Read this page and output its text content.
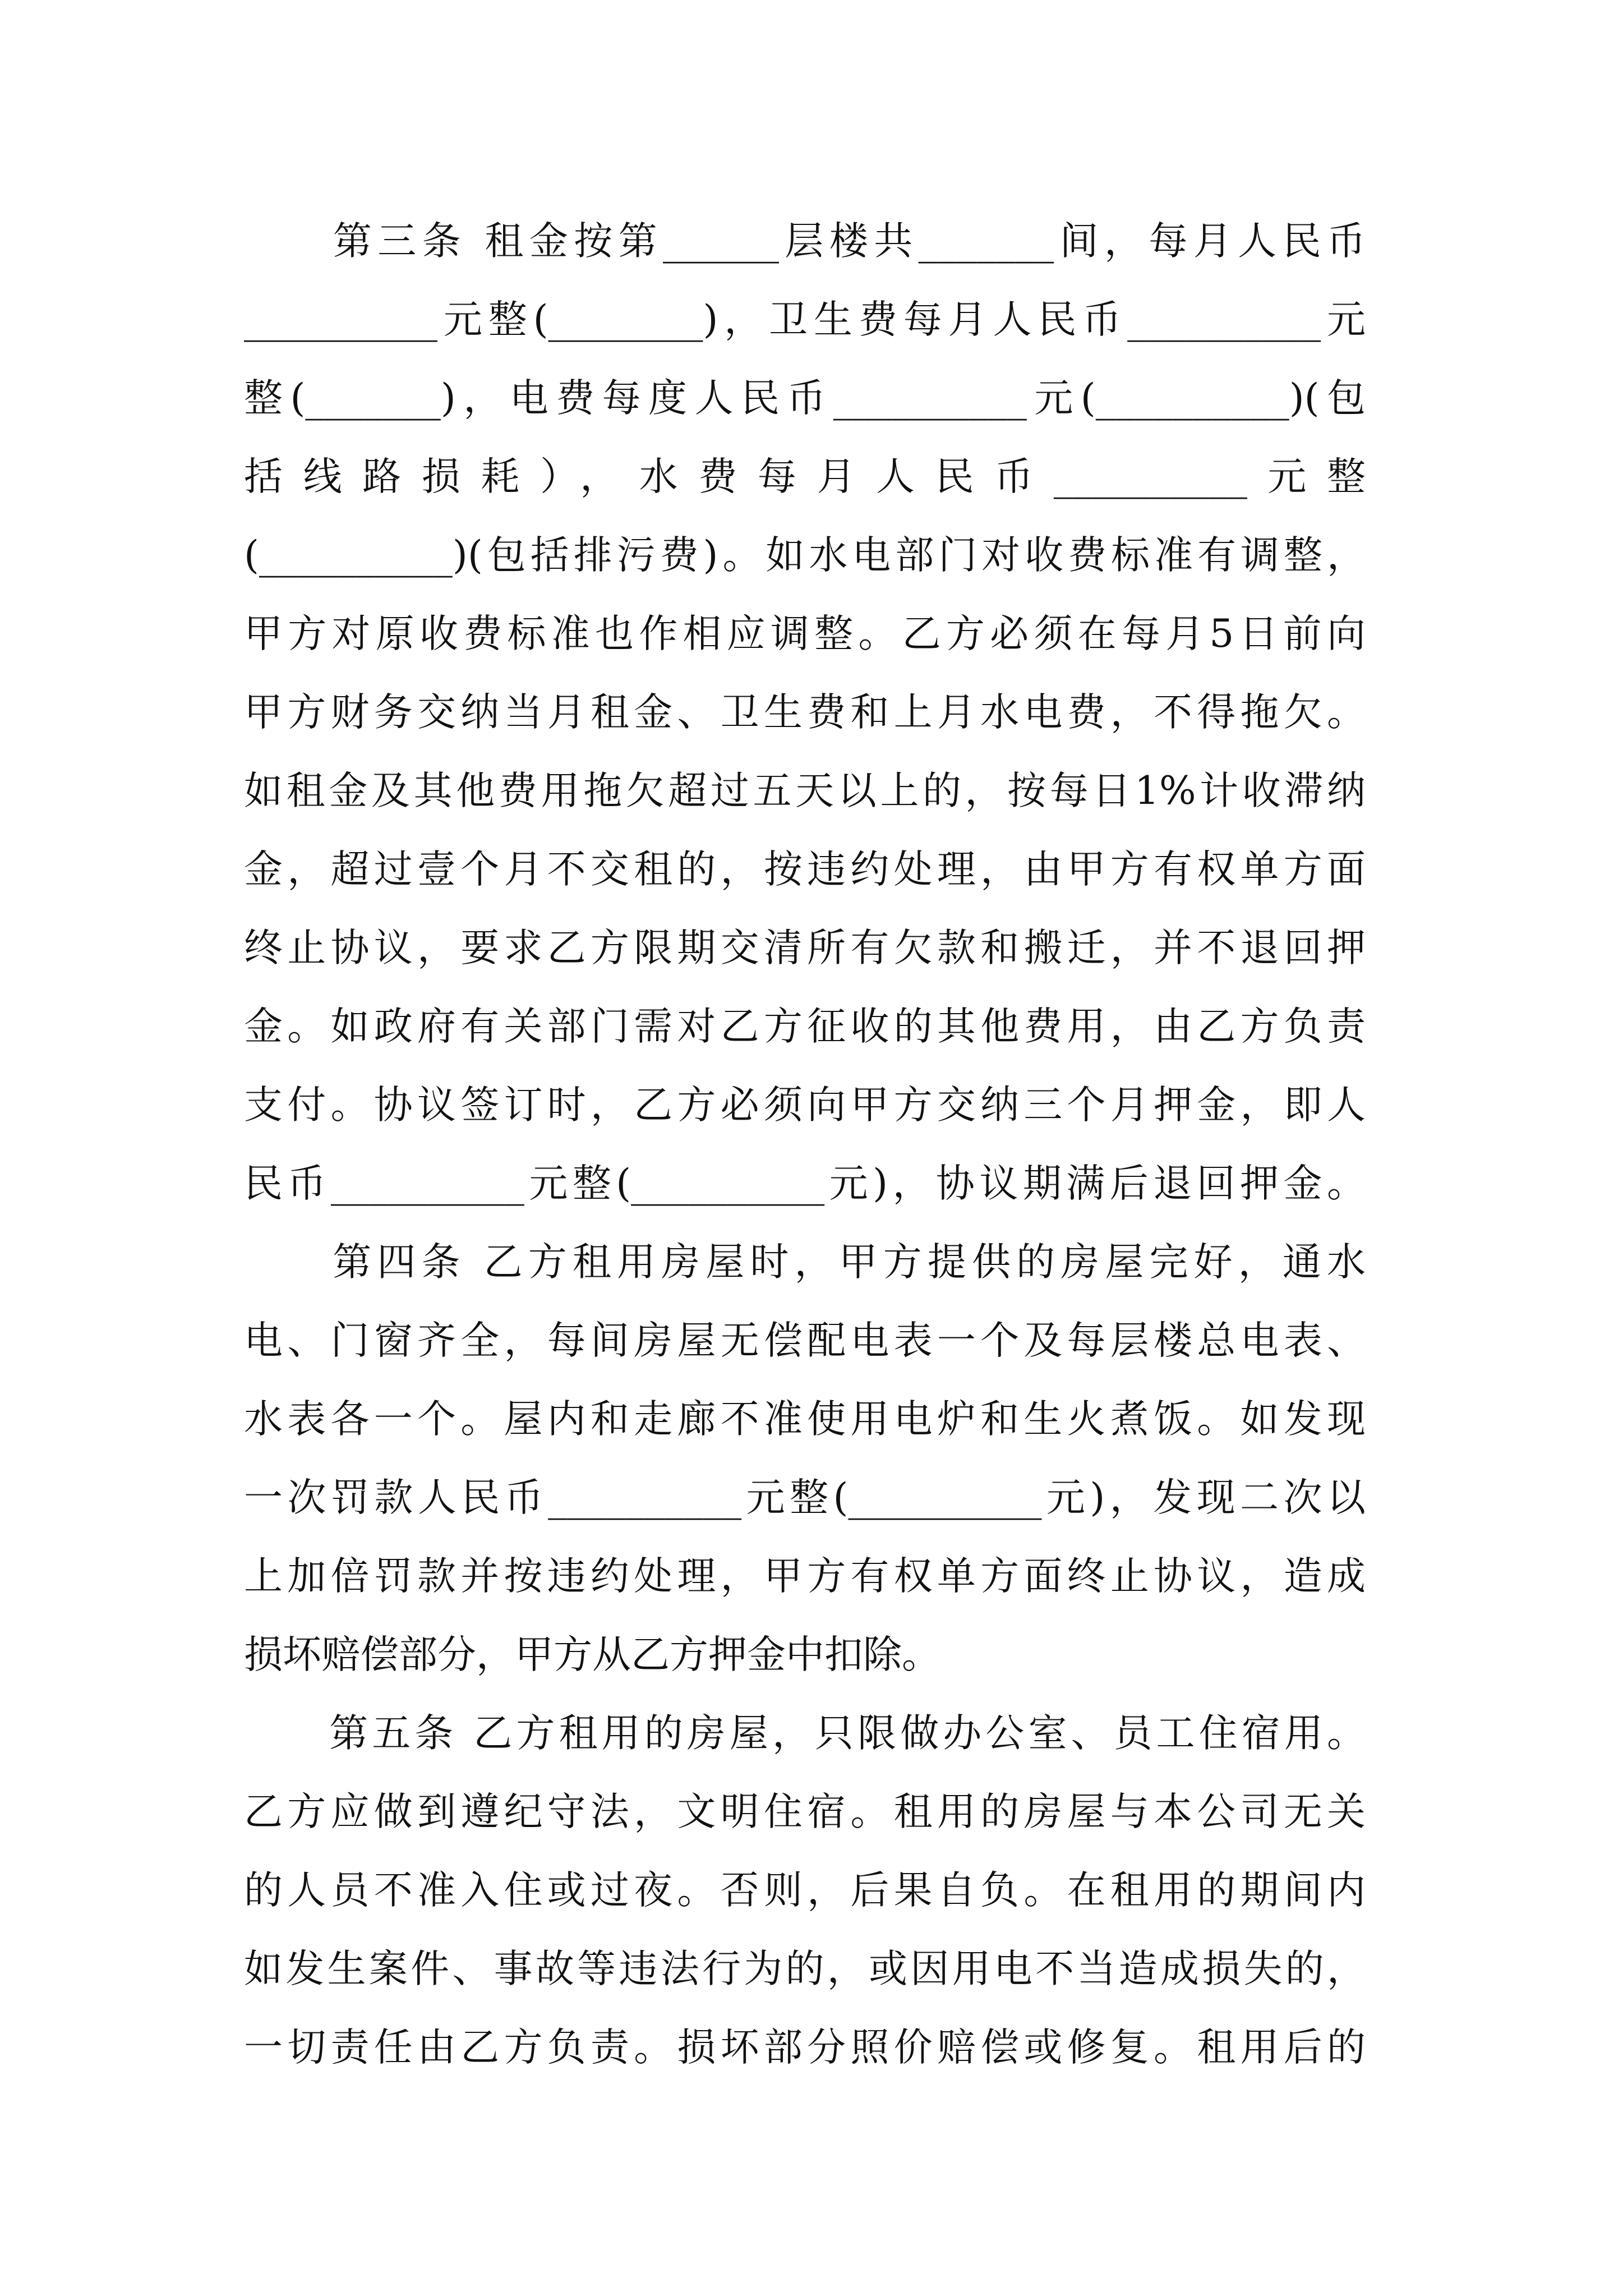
　　第三条 租金按第______层楼共_______间，每月人民币
__________元整(________)，卫生费每月人民币__________元
整(_______)，电费每度人民币__________元(__________)(包
括线路损耗），水费每月人民币__________元整
(__________)(包括排污费)。如水电部门对收费标准有调整，
甲方对原收费标准也作相应调整。乙方必须在每月5日前向
甲方财务交纳当月租金、卫生费和上月水电费，不得拖欠。
如租金及其他费用拖欠超过五天以上的，按每日1%计收滞纳
金，超过壹个月不交租的，按违约处理，由甲方有权单方面
终止协议，要求乙方限期交清所有欠款和搬迁，并不退回押
金。如政府有关部门需对乙方征收的其他费用，由乙方负责
支付。协议签订时，乙方必须向甲方交纳三个月押金，即人
民币__________元整(__________元)，协议期满后退回押金。
　　第四条 乙方租用房屋时，甲方提供的房屋完好，通水
电、门窗齐全，每间房屋无偿配电表一个及每层楼总电表、
水表各一个。屋内和走廊不准使用电炉和生火煮饭。如发现
一次罚款人民币__________元整(__________元)，发现二次以
上加倍罚款并按违约处理，甲方有权单方面终止协议，造成
损坏赔偿部分，甲方从乙方押金中扣除。
　　第五条 乙方租用的房屋，只限做办公室、员工住宿用。
乙方应做到遵纪守法，文明住宿。租用的房屋与本公司无关
的人员不准入住或过夜。否则，后果自负。在租用的期间内
如发生案件、事故等违法行为的，或因用电不当造成损失的，
一切责任由乙方负责。损坏部分照价赔偿或修复。租用后的
